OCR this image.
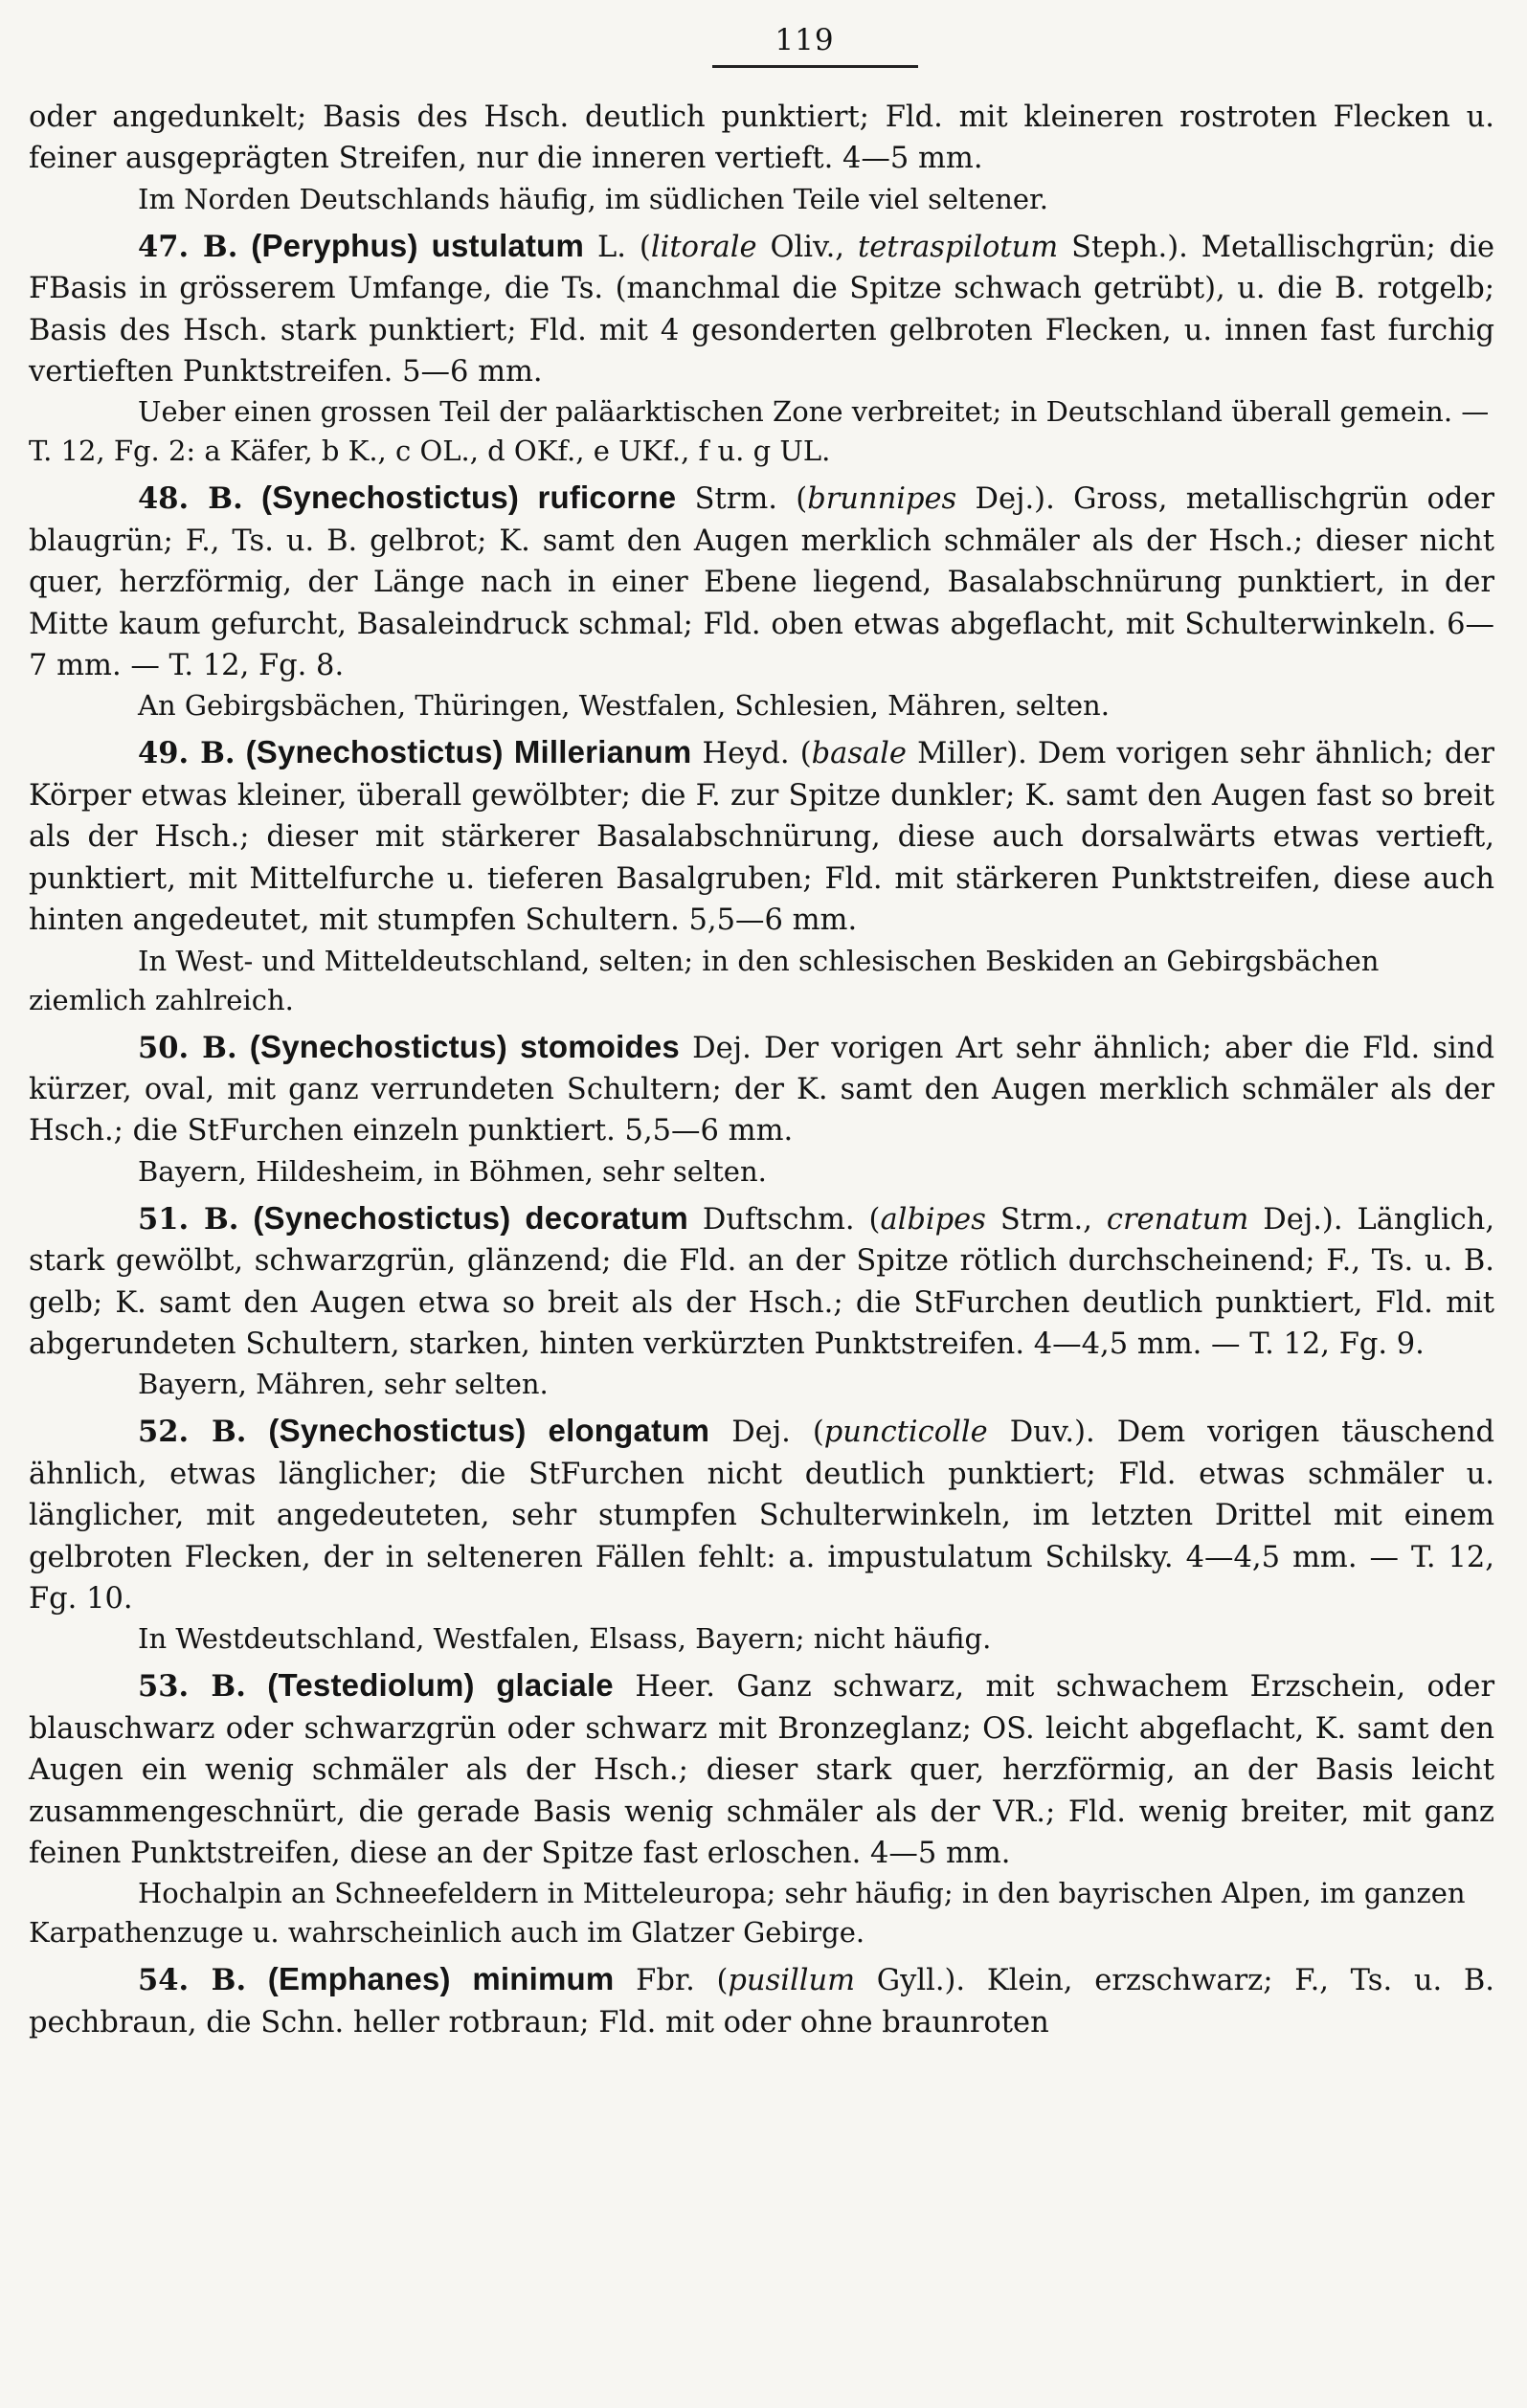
119

oder angedunkelt; Basis des Hsch. deutlich punktiert; Fld. mit kleineren rostroten Flecken u. feiner ausgeprägten Streifen, nur die inneren vertieft. 4—5 mm.

Im Norden Deutschlands häufig, im südlichen Teile viel seltener.

47. B. (Peryphus) ustulatum L. (litorale Oliv., tetraspilotum Steph.). Metallischgrün; die FBasis in grösserem Umfange, die Ts. (manchmal die Spitze schwach getrübt), u. die B. rotgelb; Basis des Hsch. stark punktiert; Fld. mit 4 gesonderten gelbroten Flecken, u. innen fast furchig vertieften Punktstreifen. 5—6 mm.

Ueber einen grossen Teil der paläarktischen Zone verbreitet; in Deutschland überall gemein. — T. 12, Fg. 2: a Käfer, b K., c OL., d OKf., e UKf., f u. g UL.

48. B. (Synechostictus) ruficorne Strm. (brunnipes Dej.). Gross, metallischgrün oder blaugrün; F., Ts. u. B. gelbrot; K. samt den Augen merklich schmäler als der Hsch.; dieser nicht quer, herzförmig, der Länge nach in einer Ebene liegend, Basalabschnürung punktiert, in der Mitte kaum gefurcht, Basaleindruck schmal; Fld. oben etwas abgeflacht, mit Schulterwinkeln. 6—7 mm. — T. 12, Fg. 8.

An Gebirgsbächen, Thüringen, Westfalen, Schlesien, Mähren, selten.

49. B. (Synechostictus) Millerianum Heyd. (basale Miller). Dem vorigen sehr ähnlich; der Körper etwas kleiner, überall gewölbter; die F. zur Spitze dunkler; K. samt den Augen fast so breit als der Hsch.; dieser mit stärkerer Basalabschnürung, diese auch dorsalwärts etwas vertieft, punktiert, mit Mittelfurche u. tieferen Basalgruben; Fld. mit stärkeren Punktstreifen, diese auch hinten angedeutet, mit stumpfen Schultern. 5,5—6 mm.

In West- und Mitteldeutschland, selten; in den schlesischen Beskiden an Gebirgsbächen ziemlich zahlreich.

50. B. (Synechostictus) stomoides Dej. Der vorigen Art sehr ähnlich; aber die Fld. sind kürzer, oval, mit ganz verrundeten Schultern; der K. samt den Augen merklich schmäler als der Hsch.; die StFurchen einzeln punktiert. 5,5—6 mm.

Bayern, Hildesheim, in Böhmen, sehr selten.

51. B. (Synechostictus) decoratum Duftschm. (albipes Strm., crenatum Dej.). Länglich, stark gewölbt, schwarzgrün, glänzend; die Fld. an der Spitze rötlich durchscheinend; F., Ts. u. B. gelb; K. samt den Augen etwa so breit als der Hsch.; die StFurchen deutlich punktiert, Fld. mit abgerundeten Schultern, starken, hinten verkürzten Punktstreifen. 4—4,5 mm. — T. 12, Fg. 9.

Bayern, Mähren, sehr selten.

52. B. (Synechostictus) elongatum Dej. (puncticolle Duv.). Dem vorigen täuschend ähnlich, etwas länglicher; die StFurchen nicht deutlich punktiert; Fld. etwas schmäler u. länglicher, mit angedeuteten, sehr stumpfen Schulterwinkeln, im letzten Drittel mit einem gelbroten Flecken, der in selteneren Fällen fehlt: a. impustulatum Schilsky. 4—4,5 mm. — T. 12, Fg. 10.

In Westdeutschland, Westfalen, Elsass, Bayern; nicht häufig.

53. B. (Testediolum) glaciale Heer. Ganz schwarz, mit schwachem Erzschein, oder blauschwarz oder schwarzgrün oder schwarz mit Bronzeglanz; OS. leicht abgeflacht, K. samt den Augen ein wenig schmäler als der Hsch.; dieser stark quer, herzförmig, an der Basis leicht zusammengeschnürt, die gerade Basis wenig schmäler als der VR.; Fld. wenig breiter, mit ganz feinen Punktstreifen, diese an der Spitze fast erloschen. 4—5 mm.

Hochalpin an Schneefeldern in Mitteleuropa; sehr häufig; in den bayrischen Alpen, im ganzen Karpathenzuge u. wahrscheinlich auch im Glatzer Gebirge.

54. B. (Emphanes) minimum Fbr. (pusillum Gyll.). Klein, erzschwarz; F., Ts. u. B. pechbraun, die Schn. heller rotbraun; Fld. mit oder ohne braunroten
